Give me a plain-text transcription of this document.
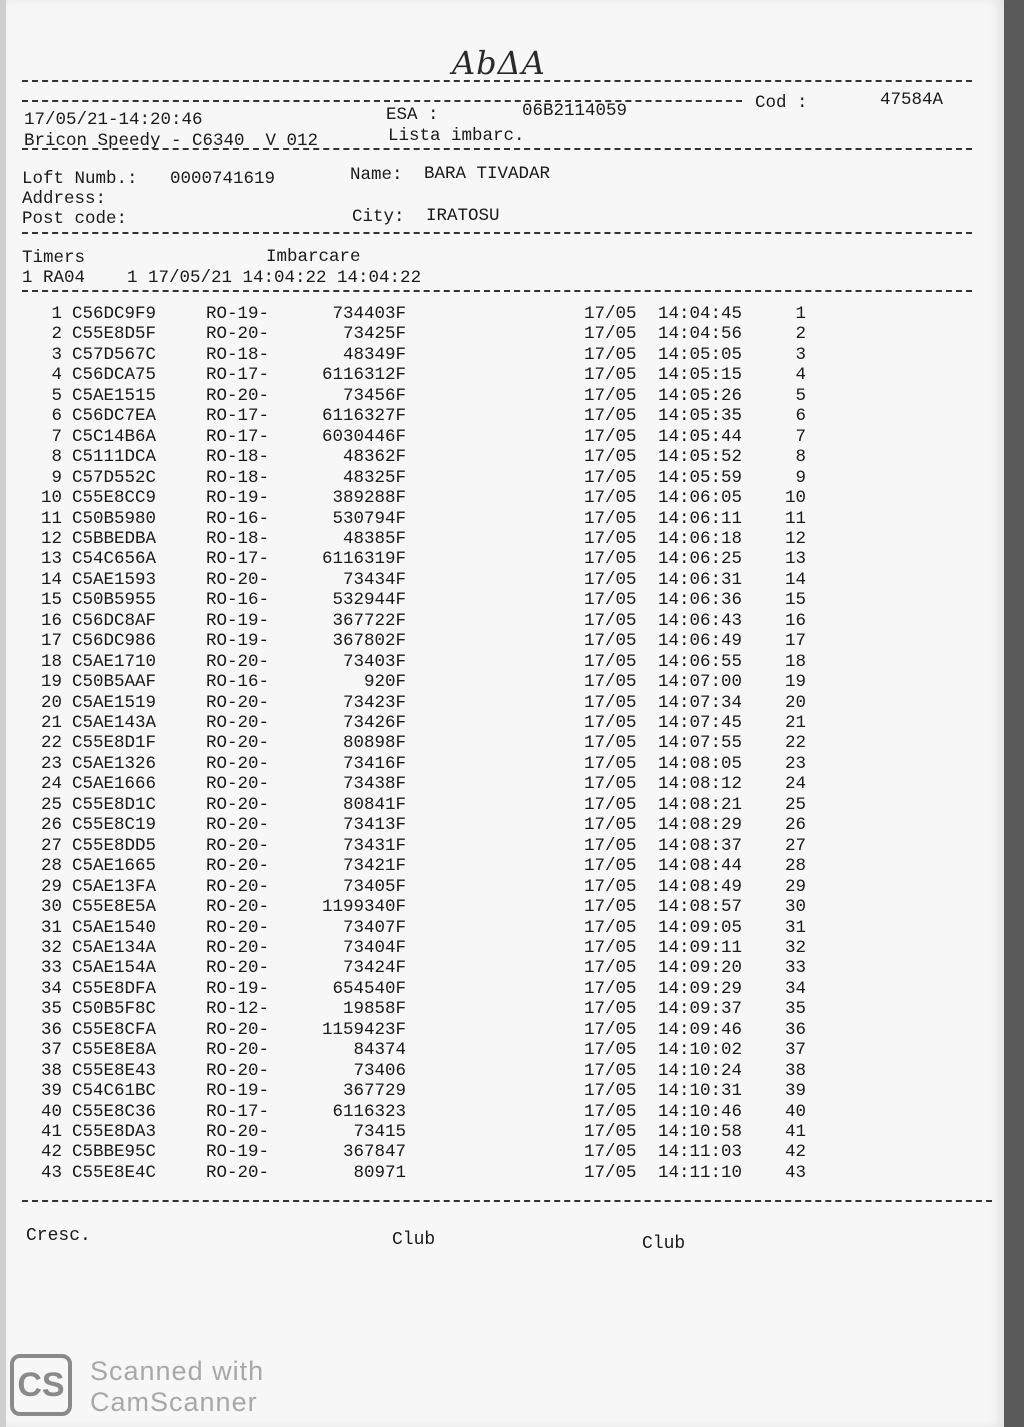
AbΔA
17/05/21-14:20:46	ESA :	06B2114059	Cod :	47584A
Bricon Speedy - C6340  V 012	Lista imbarc.
Loft Numb.: 0000741619	Name: BARA TIVADAR
Address:
Post code:	City: IRATOSU
Timers	Imbarcare
1 RA04    1 17/05/21 14:04:22 14:04:22
1 C56DC9F9	RO-19-	734403F	17/05 14:04:45	1
2 C55E8D5F	RO-20-	73425F	17/05 14:04:56	2
3 C57D567C	RO-18-	48349F	17/05 14:05:05	3
4 C56DCA75	RO-17-	6116312F	17/05 14:05:15	4
5 C5AE1515	RO-20-	73456F	17/05 14:05:26	5
6 C56DC7EA	RO-17-	6116327F	17/05 14:05:35	6
7 C5C14B6A	RO-17-	6030446F	17/05 14:05:44	7
8 C5111DCA	RO-18-	48362F	17/05 14:05:52	8
9 C57D552C	RO-18-	48325F	17/05 14:05:59	9
10 C55E8CC9	RO-19-	389288F	17/05 14:06:05	10
11 C50B5980	RO-16-	530794F	17/05 14:06:11	11
12 C5BBEDBA	RO-18-	48385F	17/05 14:06:18	12
13 C54C656A	RO-17-	6116319F	17/05 14:06:25	13
14 C5AE1593	RO-20-	73434F	17/05 14:06:31	14
15 C50B5955	RO-16-	532944F	17/05 14:06:36	15
16 C56DC8AF	RO-19-	367722F	17/05 14:06:43	16
17 C56DC986	RO-19-	367802F	17/05 14:06:49	17
18 C5AE1710	RO-20-	73403F	17/05 14:06:55	18
19 C50B5AAF	RO-16-	920F	17/05 14:07:00	19
20 C5AE1519	RO-20-	73423F	17/05 14:07:34	20
21 C5AE143A	RO-20-	73426F	17/05 14:07:45	21
22 C55E8D1F	RO-20-	80898F	17/05 14:07:55	22
23 C5AE1326	RO-20-	73416F	17/05 14:08:05	23
24 C5AE1666	RO-20-	73438F	17/05 14:08:12	24
25 C55E8D1C	RO-20-	80841F	17/05 14:08:21	25
26 C55E8C19	RO-20-	73413F	17/05 14:08:29	26
27 C55E8DD5	RO-20-	73431F	17/05 14:08:37	27
28 C5AE1665	RO-20-	73421F	17/05 14:08:44	28
29 C5AE13FA	RO-20-	73405F	17/05 14:08:49	29
30 C55E8E5A	RO-20-	1199340F	17/05 14:08:57	30
31 C5AE1540	RO-20-	73407F	17/05 14:09:05	31
32 C5AE134A	RO-20-	73404F	17/05 14:09:11	32
33 C5AE154A	RO-20-	73424F	17/05 14:09:20	33
34 C55E8DFA	RO-19-	654540F	17/05 14:09:29	34
35 C50B5F8C	RO-12-	19858F	17/05 14:09:37	35
36 C55E8CFA	RO-20-	1159423F	17/05 14:09:46	36
37 C55E8E8A	RO-20-	84374	17/05 14:10:02	37
38 C55E8E43	RO-20-	73406	17/05 14:10:24	38
39 C54C61BC	RO-19-	367729	17/05 14:10:31	39
40 C55E8C36	RO-17-	6116323	17/05 14:10:46	40
41 C55E8DA3	RO-20-	73415	17/05 14:10:58	41
42 C5BBE95C	RO-19-	367847	17/05 14:11:03	42
43 C55E8E4C	RO-20-	80971	17/05 14:11:10	43
Cresc.	Club	Club
CS Scanned with
CamScanner
